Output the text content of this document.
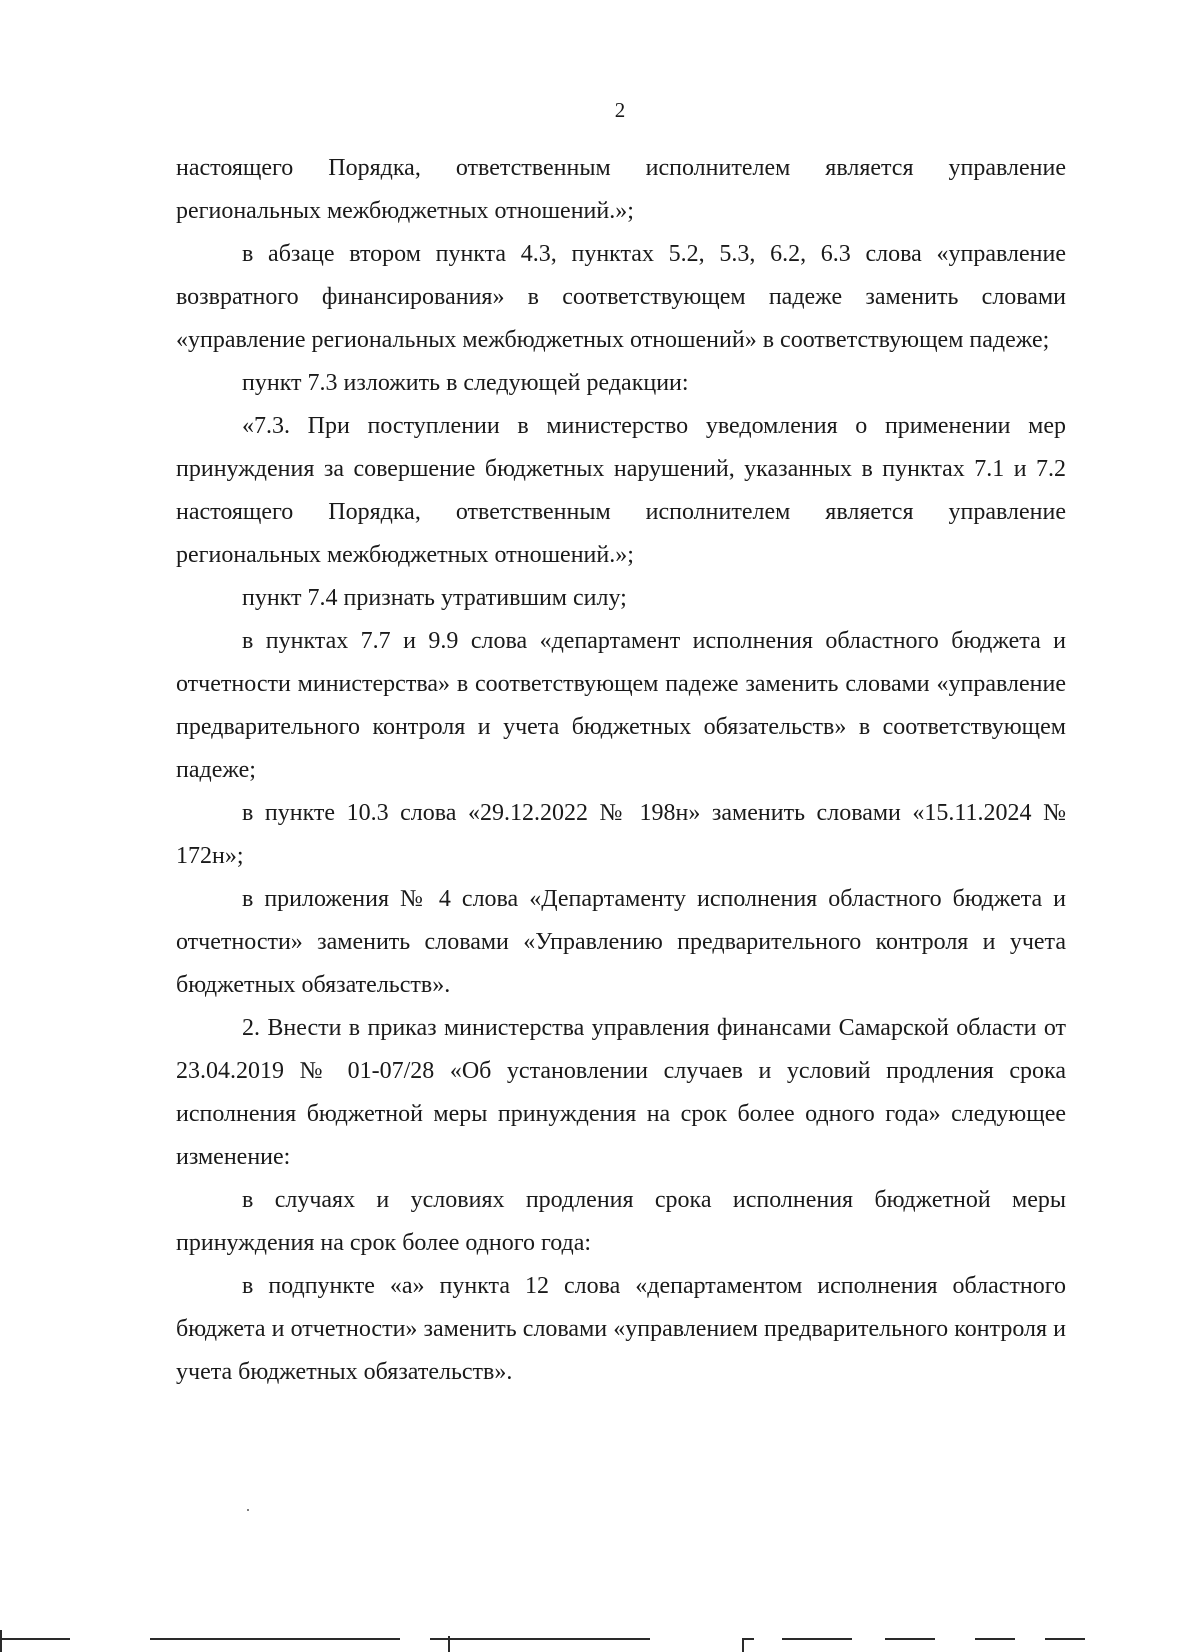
2

настоящего Порядка, ответственным исполнителем является управление региональных межбюджетных отношений.»;

в абзаце втором пункта 4.3, пунктах 5.2, 5.3, 6.2, 6.3 слова «управление возвратного финансирования» в соответствующем падеже заменить словами «управление региональных межбюджетных отношений» в соответствующем падеже;

пункт 7.3 изложить в следующей редакции:

«7.3. При поступлении в министерство уведомления о применении мер принуждения за совершение бюджетных нарушений, указанных в пунктах 7.1 и 7.2 настоящего Порядка, ответственным исполнителем является управление региональных межбюджетных отношений.»;

пункт 7.4 признать утратившим силу;

в пунктах 7.7 и 9.9 слова «департамент исполнения областного бюджета и отчетности министерства» в соответствующем падеже заменить словами «управление предварительного контроля и учета бюджетных обязательств» в соответствующем падеже;

в пункте 10.3 слова «29.12.2022 № 198н» заменить словами «15.11.2024 № 172н»;

в приложения № 4 слова «Департаменту исполнения областного бюджета и отчетности» заменить словами «Управлению предварительного контроля и учета бюджетных обязательств».

2. Внести в приказ министерства управления финансами Самарской области от 23.04.2019 № 01-07/28 «Об установлении случаев и условий продления срока исполнения бюджетной меры принуждения на срок более одного года» следующее изменение:

в случаях и условиях продления срока исполнения бюджетной меры принуждения на срок более одного года:

в подпункте «а» пункта 12 слова «департаментом исполнения областного бюджета и отчетности» заменить словами «управлением предварительного контроля и учета бюджетных обязательств».
